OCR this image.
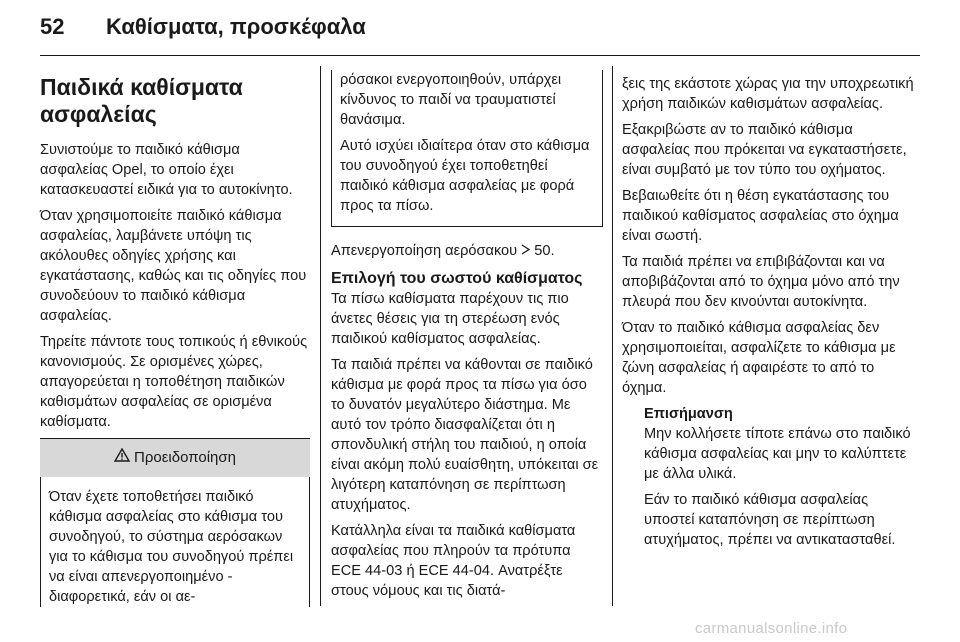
52 Καθίσματα, προσκέφαλα
Παιδικά καθίσματα ασφαλείας

Συνιστούμε το παιδικό κάθισμα ασφαλείας Opel, το οποίο έχει κατασκευαστεί ειδικά για το αυτοκίνητο.

Όταν χρησιμοποιείτε παιδικό κάθισμα ασφαλείας, λαμβάνετε υπόψη τις ακόλουθες οδηγίες χρήσης και εγκατάστασης, καθώς και τις οδηγίες που συνοδεύουν το παιδικό κάθισμα ασφαλείας.

Τηρείτε πάντοτε τους τοπικούς ή εθνικούς κανονισμούς. Σε ορισμένες χώρες, απαγορεύεται η τοποθέτηση παιδικών καθισμάτων ασφαλείας σε ορισμένα καθίσματα.

Προειδοποίηση

Όταν έχετε τοποθετήσει παιδικό κάθισμα ασφαλείας στο κάθισμα του συνοδηγού, το σύστημα αερόσακων για το κάθισμα του συνοδηγού πρέπει να είναι απενεργοποιημένο - διαφορετικά, εάν οι αε-

ρόσακοι ενεργοποιηθούν, υπάρχει κίνδυνος το παιδί να τραυματιστεί θανάσιμα.

Αυτό ισχύει ιδιαίτερα όταν στο κάθισμα του συνοδηγού έχει τοποθετηθεί παιδικό κάθισμα ασφαλείας με φορά προς τα πίσω.

Απενεργοποίηση αερόσακου 50.

Επιλογή του σωστού καθίσματος

Τα πίσω καθίσματα παρέχουν τις πιο άνετες θέσεις για τη στερέωση ενός παιδικού καθίσματος ασφαλείας.

Τα παιδιά πρέπει να κάθονται σε παιδικό κάθισμα με φορά προς τα πίσω για όσο το δυνατόν μεγαλύτερο διάστημα. Με αυτό τον τρόπο διασφαλίζεται ότι η σπονδυλική στήλη του παιδιού, η οποία είναι ακόμη πολύ ευαίσθητη, υπόκειται σε λιγότερη καταπόνηση σε περίπτωση ατυχήματος.

Κατάλληλα είναι τα παιδικά καθίσματα ασφαλείας που πληρούν τα πρότυπα ECE 44-03 ή ECE 44-04. Ανατρέξτε στους νόμους και τις διατά-

ξεις της εκάστοτε χώρας για την υποχρεωτική χρήση παιδικών καθισμάτων ασφαλείας.

Εξακριβώστε αν το παιδικό κάθισμα ασφαλείας που πρόκειται να εγκαταστήσετε, είναι συμβατό με τον τύπο του οχήματος.

Βεβαιωθείτε ότι η θέση εγκατάστασης του παιδικού καθίσματος ασφαλείας στο όχημα είναι σωστή.

Τα παιδιά πρέπει να επιβιβάζονται και να αποβιβάζονται από το όχημα μόνο από την πλευρά που δεν κινούνται αυτοκίνητα.

Όταν το παιδικό κάθισμα ασφαλείας δεν χρησιμοποιείται, ασφαλίζετε το κάθισμα με ζώνη ασφαλείας ή αφαιρέστε το από το όχημα.

Επισήμανση

Μην κολλήσετε τίποτε επάνω στο παιδικό κάθισμα ασφαλείας και μην το καλύπτετε με άλλα υλικά.

Εάν το παιδικό κάθισμα ασφαλείας υποστεί καταπόνηση σε περίπτωση ατυχήματος, πρέπει να αντικατασταθεί.

carmanualsonline.info
